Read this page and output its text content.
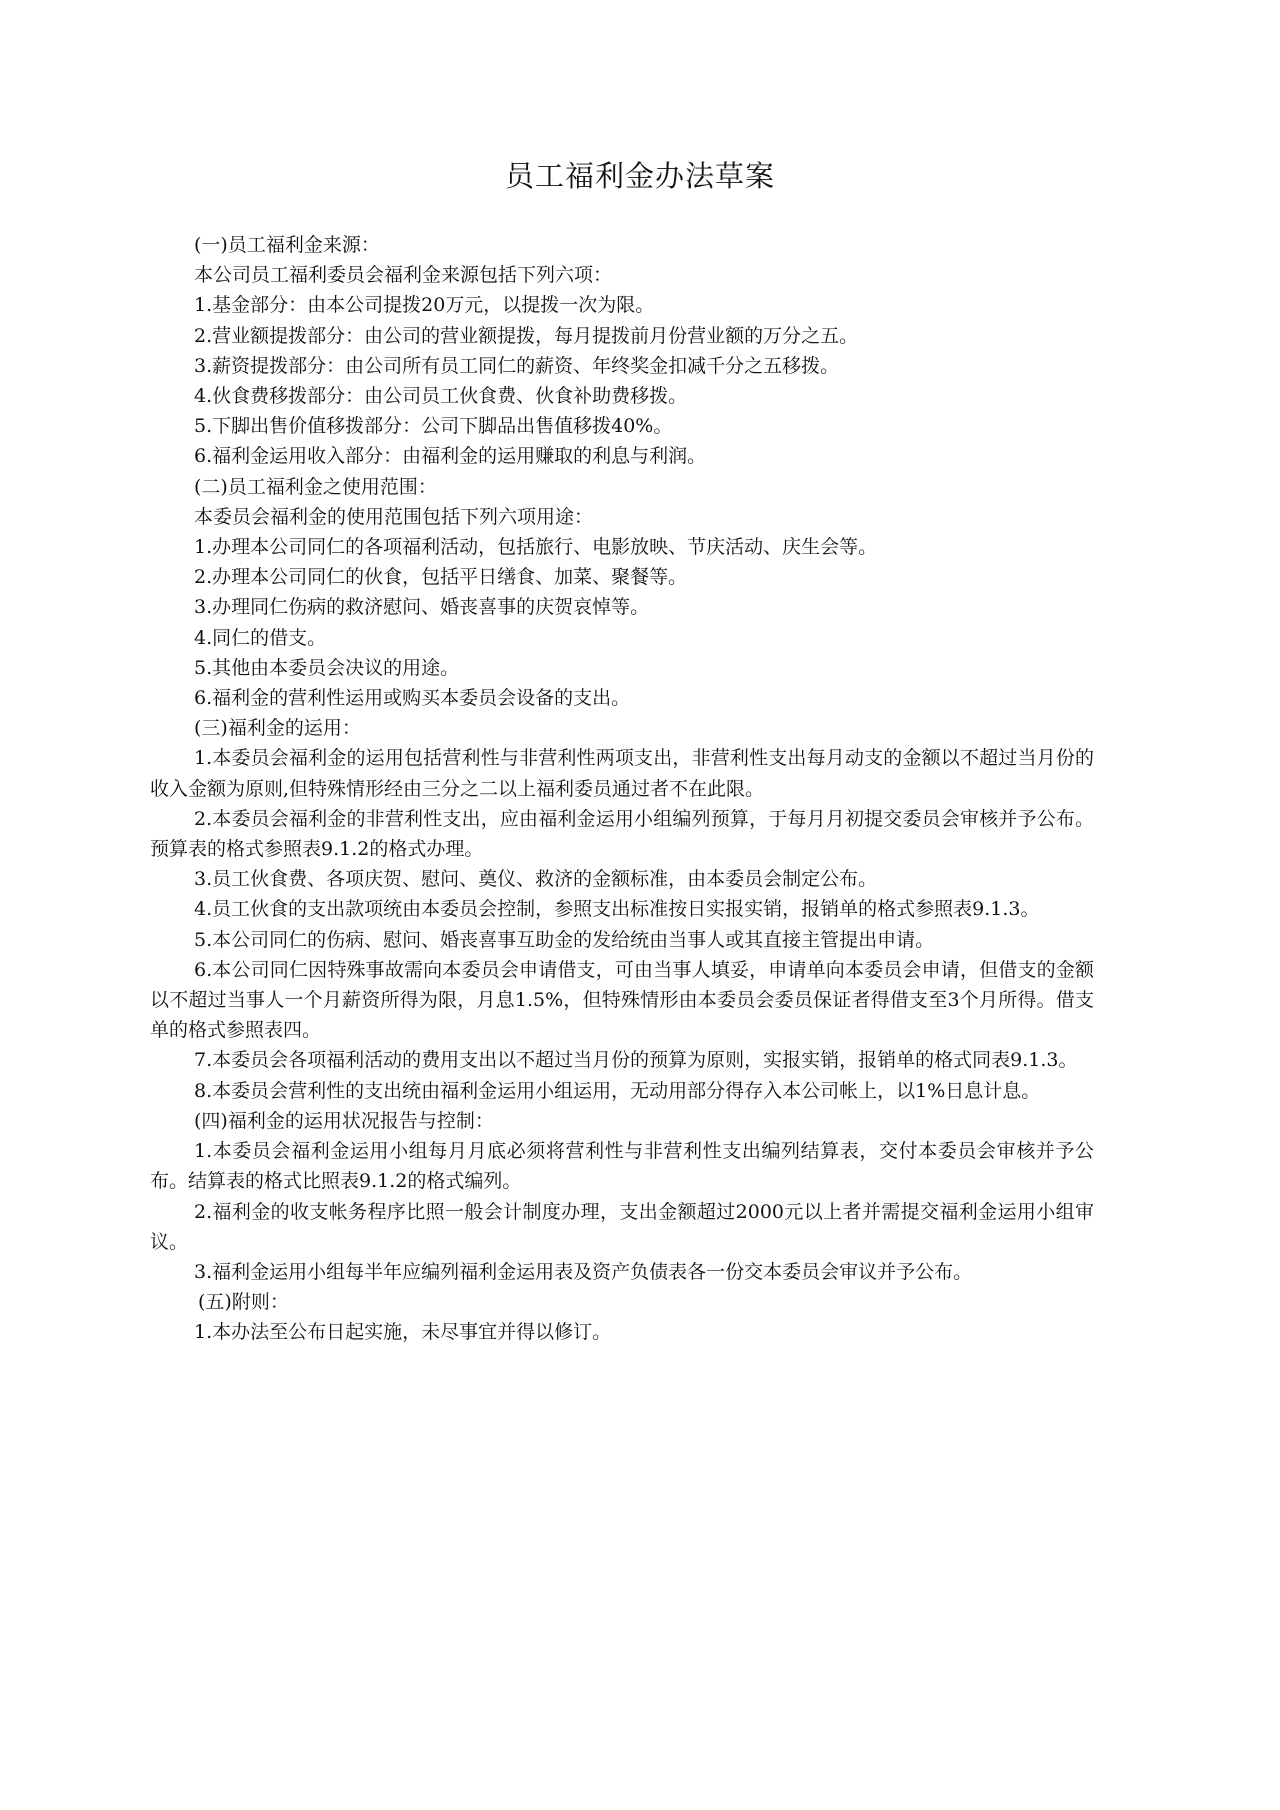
员工福利金办法草案

(一)员工福利金来源：

本公司员工福利委员会福利金来源包括下列六项：

1.基金部分：由本公司提拨20万元，以提拨一次为限。

2.营业额提拨部分：由公司的营业额提拨，每月提拨前月份营业额的万分之五。

3.薪资提拨部分：由公司所有员工同仁的薪资、年终奖金扣减千分之五移拨。

4.伙食费移拨部分：由公司员工伙食费、伙食补助费移拨。

5.下脚出售价值移拨部分：公司下脚品出售值移拨40%。

6.福利金运用收入部分：由福利金的运用赚取的利息与利润。

(二)员工福利金之使用范围：

本委员会福利金的使用范围包括下列六项用途：

1.办理本公司同仁的各项福利活动，包括旅行、电影放映、节庆活动、庆生会等。

2.办理本公司同仁的伙食，包括平日缮食、加菜、聚餐等。

3.办理同仁伤病的救济慰问、婚丧喜事的庆贺哀悼等。

4.同仁的借支。

5.其他由本委员会决议的用途。

6.福利金的营利性运用或购买本委员会设备的支出。

(三)福利金的运用：

1.本委员会福利金的运用包括营利性与非营利性两项支出，非营利性支出每月动支的金额以不超过当月份的收入金额为原则,但特殊情形经由三分之二以上福利委员通过者不在此限。

2.本委员会福利金的非营利性支出，应由福利金运用小组编列预算，于每月月初提交委员会审核并予公布。预算表的格式参照表9.1.2的格式办理。

3.员工伙食费、各项庆贺、慰问、奠仪、救济的金额标准，由本委员会制定公布。

4.员工伙食的支出款项统由本委员会控制，参照支出标准按日实报实销，报销单的格式参照表9.1.3。

5.本公司同仁的伤病、慰问、婚丧喜事互助金的发给统由当事人或其直接主管提出申请。

6.本公司同仁因特殊事故需向本委员会申请借支，可由当事人填妥，申请单向本委员会申请，但借支的金额以不超过当事人一个月薪资所得为限，月息1.5%，但特殊情形由本委员会委员保证者得借支至3个月所得。借支单的格式参照表四。

7.本委员会各项福利活动的费用支出以不超过当月份的预算为原则，实报实销，报销单的格式同表9.1.3。

8.本委员会营利性的支出统由福利金运用小组运用，无动用部分得存入本公司帐上，以1%日息计息。

(四)福利金的运用状况报告与控制：

1.本委员会福利金运用小组每月月底必须将营利性与非营利性支出编列结算表，交付本委员会审核并予公布。结算表的格式比照表9.1.2的格式编列。

2.福利金的收支帐务程序比照一般会计制度办理，支出金额超过2000元以上者并需提交福利金运用小组审议。

3.福利金运用小组每半年应编列福利金运用表及资产负债表各一份交本委员会审议并予公布。

(五)附则：

1.本办法至公布日起实施，未尽事宜并得以修订。
